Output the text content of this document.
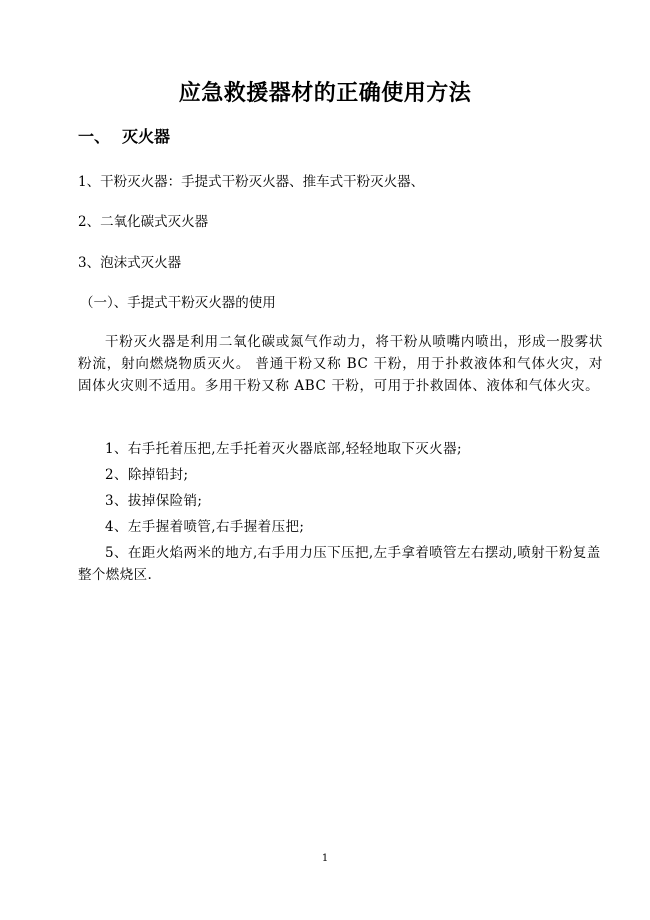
应急救援器材的正确使用方法
一、 灭火器
1、干粉灭火器：手提式干粉灭火器、推车式干粉灭火器、
2、二氧化碳式灭火器
3、泡沫式灭火器
（一）、手提式干粉灭火器的使用
干粉灭火器是利用二氧化碳或氮气作动力，将干粉从喷嘴内喷出，形成一股雾状粉流，射向燃烧物质灭火。 普通干粉又称 BC 干粉，用于扑救液体和气体火灾，对固体火灾则不适用。多用干粉又称 ABC 干粉，可用于扑救固体、液体和气体火灾。
1、右手托着压把,左手托着灭火器底部,轻轻地取下灭火器;
2、除掉铅封;
3、拔掉保险销;
4、左手握着喷管,右手握着压把;
5、在距火焰两米的地方,右手用力压下压把,左手拿着喷管左右摆动,喷射干粉复盖整个燃烧区.
1
